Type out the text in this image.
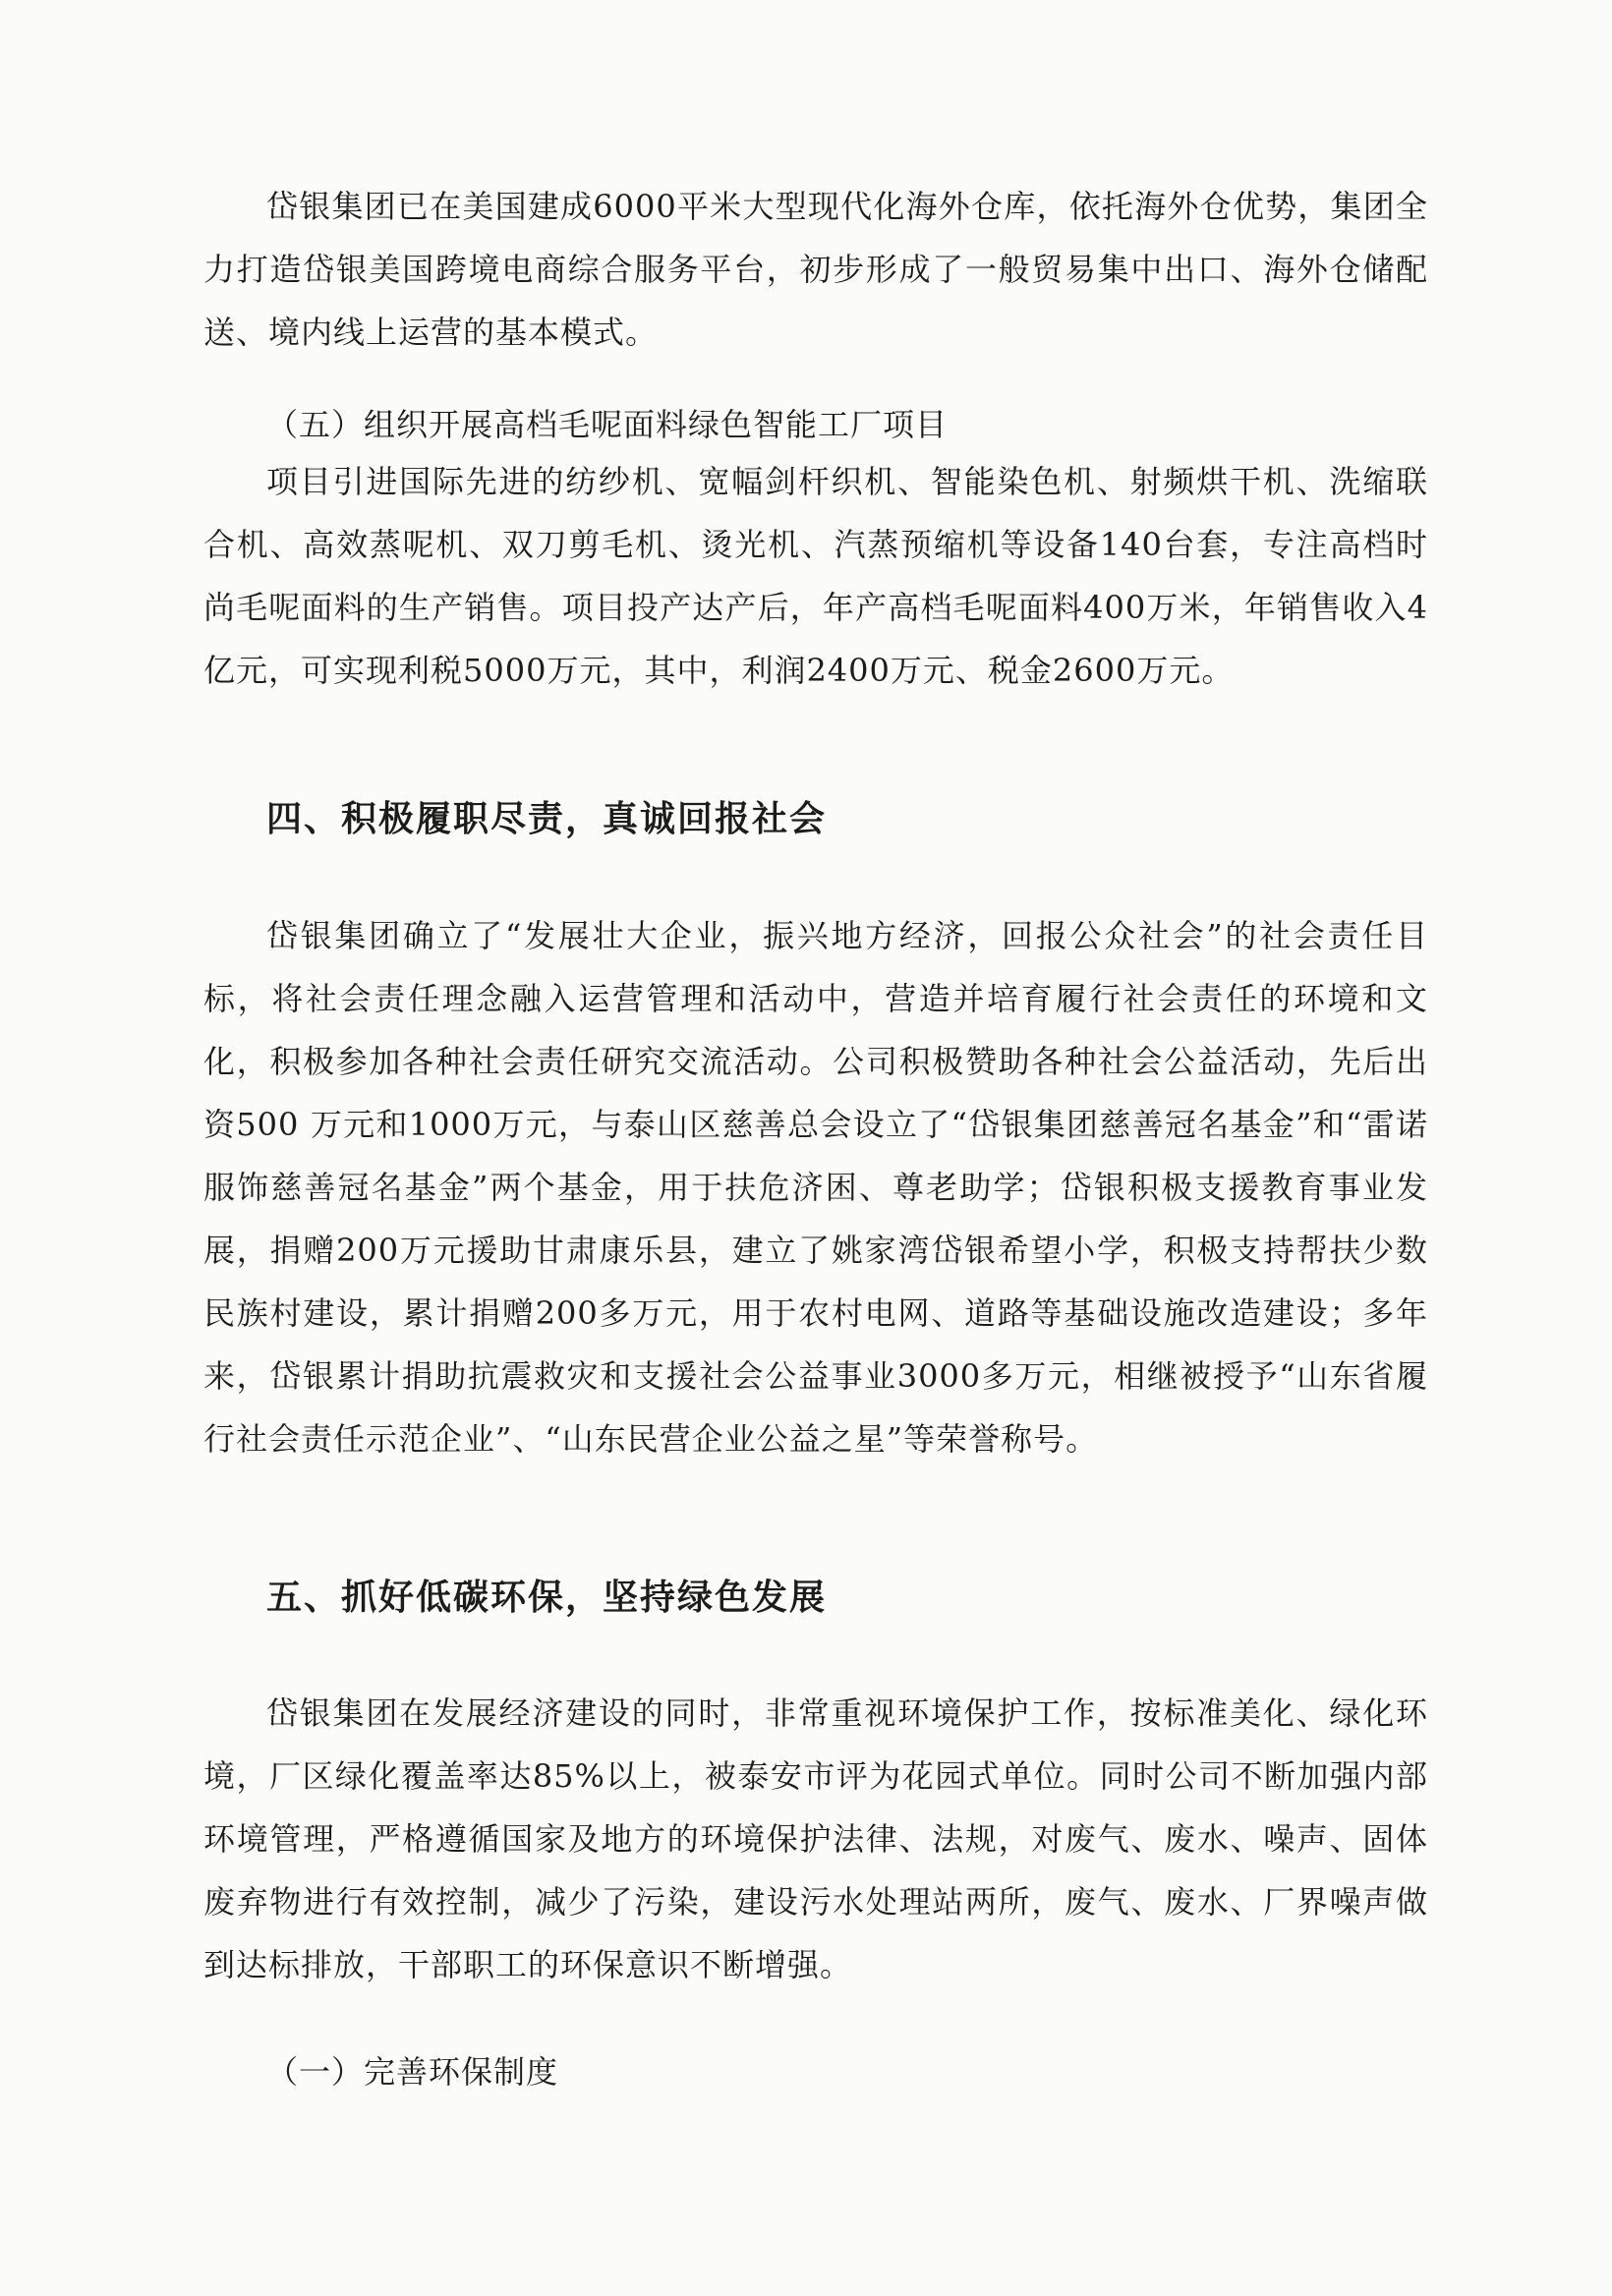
岱银集团已在美国建成6000平米大型现代化海外仓库，依托海外仓优势，集团全力打造岱银美国跨境电商综合服务平台，初步形成了一般贸易集中出口、海外仓储配送、境内线上运营的基本模式。

（五）组织开展高档毛呢面料绿色智能工厂项目

项目引进国际先进的纺纱机、宽幅剑杆织机、智能染色机、射频烘干机、洗缩联合机、高效蒸呢机、双刀剪毛机、烫光机、汽蒸预缩机等设备140台套，专注高档时尚毛呢面料的生产销售。项目投产达产后，年产高档毛呢面料400万米，年销售收入4亿元，可实现利税5000万元，其中，利润2400万元、税金2600万元。

四、积极履职尽责，真诚回报社会

岱银集团确立了“发展壮大企业，振兴地方经济，回报公众社会”的社会责任目 标，将社会责任理念融入运营管理和活动中，营造并培育履行社会责任的环境和文化，积极参加各种社会责任研究交流活动。公司积极赞助各种社会公益活动，先后出资500 万元和1000万元，与泰山区慈善总会设立了“岱银集团慈善冠名基金”和“雷诺服饰慈善冠名基金”两个基金，用于扶危济困、尊老助学；岱银积极支援教育事业发展，捐赠200万元援助甘肃康乐县，建立了姚家湾岱银希望小学，积极支持帮扶少数民族村建设，累计捐赠200多万元，用于农村电网、道路等基础设施改造建设；多年来，岱银累计捐助抗震救灾和支援社会公益事业3000多万元，相继被授予“山东省履行社会责任示范企业”、“山东民营企业公益之星”等荣誉称号。

五、抓好低碳环保，坚持绿色发展

岱银集团在发展经济建设的同时，非常重视环境保护工作，按标准美化、绿化环境，厂区绿化覆盖率达85%以上，被泰安市评为花园式单位。同时公司不断加强内部环境管理，严格遵循国家及地方的环境保护法律、法规，对废气、废水、噪声、固体废弃物进行有效控制，减少了污染，建设污水处理站两所，废气、废水、厂界噪声做到达标排放，干部职工的环保意识不断增强。

（一）完善环保制度
